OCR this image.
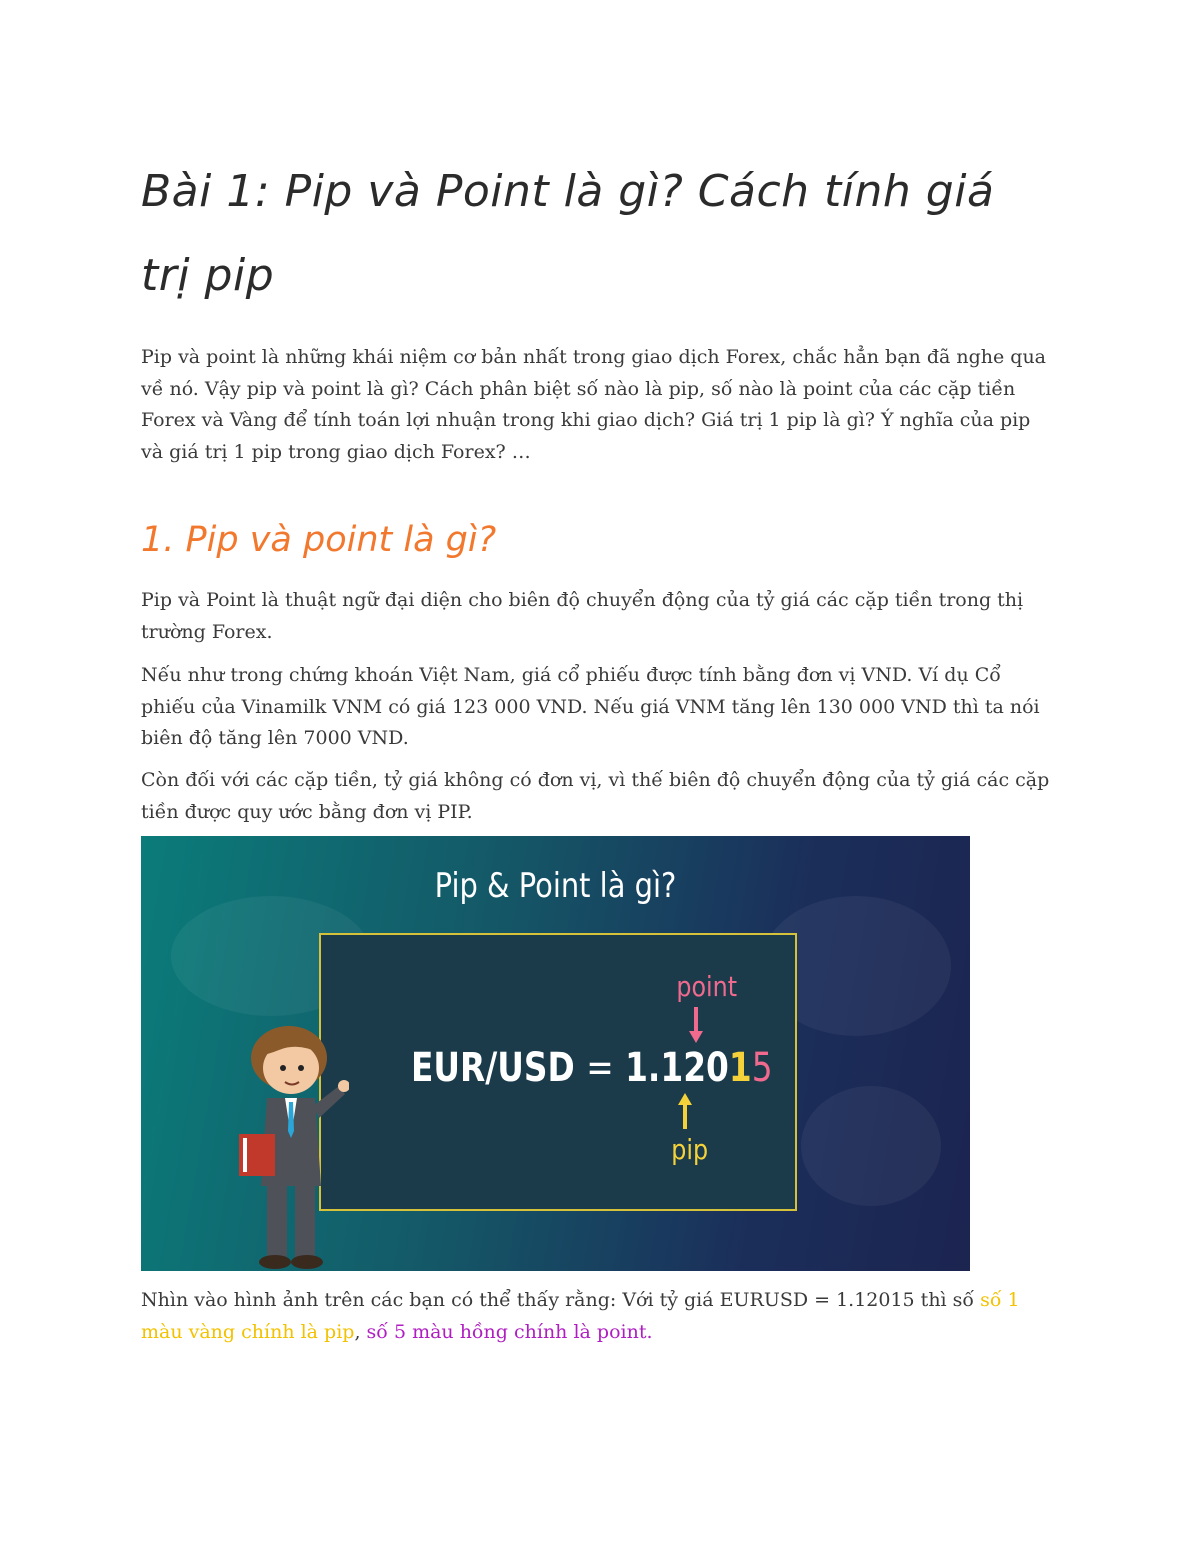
Bài 1: Pip và Point là gì? Cách tính giá trị pip

Pip và point là những khái niệm cơ bản nhất trong giao dịch Forex, chắc hẳn bạn đã nghe qua về nó. Vậy pip và point là gì? Cách phân biệt số nào là pip, số nào là point của các cặp tiền Forex và Vàng để tính toán lợi nhuận trong khi giao dịch? Giá trị 1 pip là gì? Ý nghĩa của pip và giá trị 1 pip trong giao dịch Forex? …

1. Pip và point là gì?

Pip và Point là thuật ngữ đại diện cho biên độ chuyển động của tỷ giá các cặp tiền trong thị trường Forex.

Nếu như trong chứng khoán Việt Nam, giá cổ phiếu được tính bằng đơn vị VND. Ví dụ Cổ phiếu của Vinamilk VNM có giá 123 000 VND. Nếu giá VNM tăng lên 130 000 VND thì ta nói biên độ tăng lên 7000 VND.

Còn đối với các cặp tiền, tỷ giá không có đơn vị, vì thế biên độ chuyển động của tỷ giá các cặp tiền được quy ước bằng đơn vị PIP.

Pip & Point là gì?
point
EUR/USD = 1.12015
pip

Nhìn vào hình ảnh trên các bạn có thể thấy rằng: Với tỷ giá EURUSD = 1.12015 thì số số 1 màu vàng chính là pip, số 5 màu hồng chính là point.
